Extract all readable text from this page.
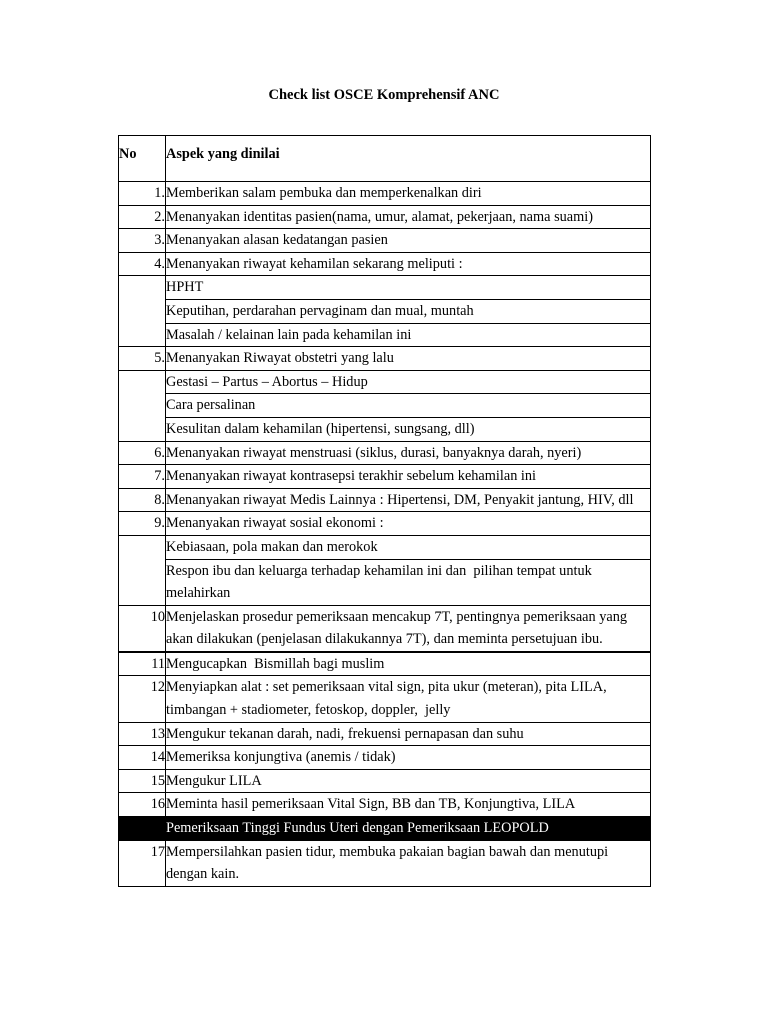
Check list OSCE Komprehensif ANC
No	Aspek yang dinilai
1.	Memberikan salam pembuka dan memperkenalkan diri
2.	Menanyakan identitas pasien(nama, umur, alamat, pekerjaan, nama suami)
3.	Menanyakan alasan kedatangan pasien
4.	Menanyakan riwayat kehamilan sekarang meliputi :
	HPHT
	Keputihan, perdarahan pervaginam dan mual, muntah
	Masalah / kelainan lain pada kehamilan ini
5.	Menanyakan Riwayat obstetri yang lalu
	Gestasi – Partus – Abortus – Hidup
	Cara persalinan
	Kesulitan dalam kehamilan (hipertensi, sungsang, dll)
6.	Menanyakan riwayat menstruasi (siklus, durasi, banyaknya darah, nyeri)
7.	Menanyakan riwayat kontrasepsi terakhir sebelum kehamilan ini
8.	Menanyakan riwayat Medis Lainnya : Hipertensi, DM, Penyakit jantung, HIV, dll
9.	Menanyakan riwayat sosial ekonomi :
	Kebiasaan, pola makan dan merokok
	Respon ibu dan keluarga terhadap kehamilan ini dan  pilihan tempat untuk melahirkan
10	Menjelaskan prosedur pemeriksaan mencakup 7T, pentingnya pemeriksaan yang akan dilakukan (penjelasan dilakukannya 7T), dan meminta persetujuan ibu.

11	Mengucapkan  Bismillah bagi muslim
12	Menyiapkan alat : set pemeriksaan vital sign, pita ukur (meteran), pita LILA, timbangan + stadiometer, fetoskop, doppler,  jelly
13	Mengukur tekanan darah, nadi, frekuensi pernapasan dan suhu
14	Memeriksa konjungtiva (anemis / tidak)
15	Mengukur LILA
16	Meminta hasil pemeriksaan Vital Sign, BB dan TB, Konjungtiva, LILA
	Pemeriksaan Tinggi Fundus Uteri dengan Pemeriksaan LEOPOLD
17	Mempersilahkan pasien tidur, membuka pakaian bagian bawah dan menutupi dengan kain.
